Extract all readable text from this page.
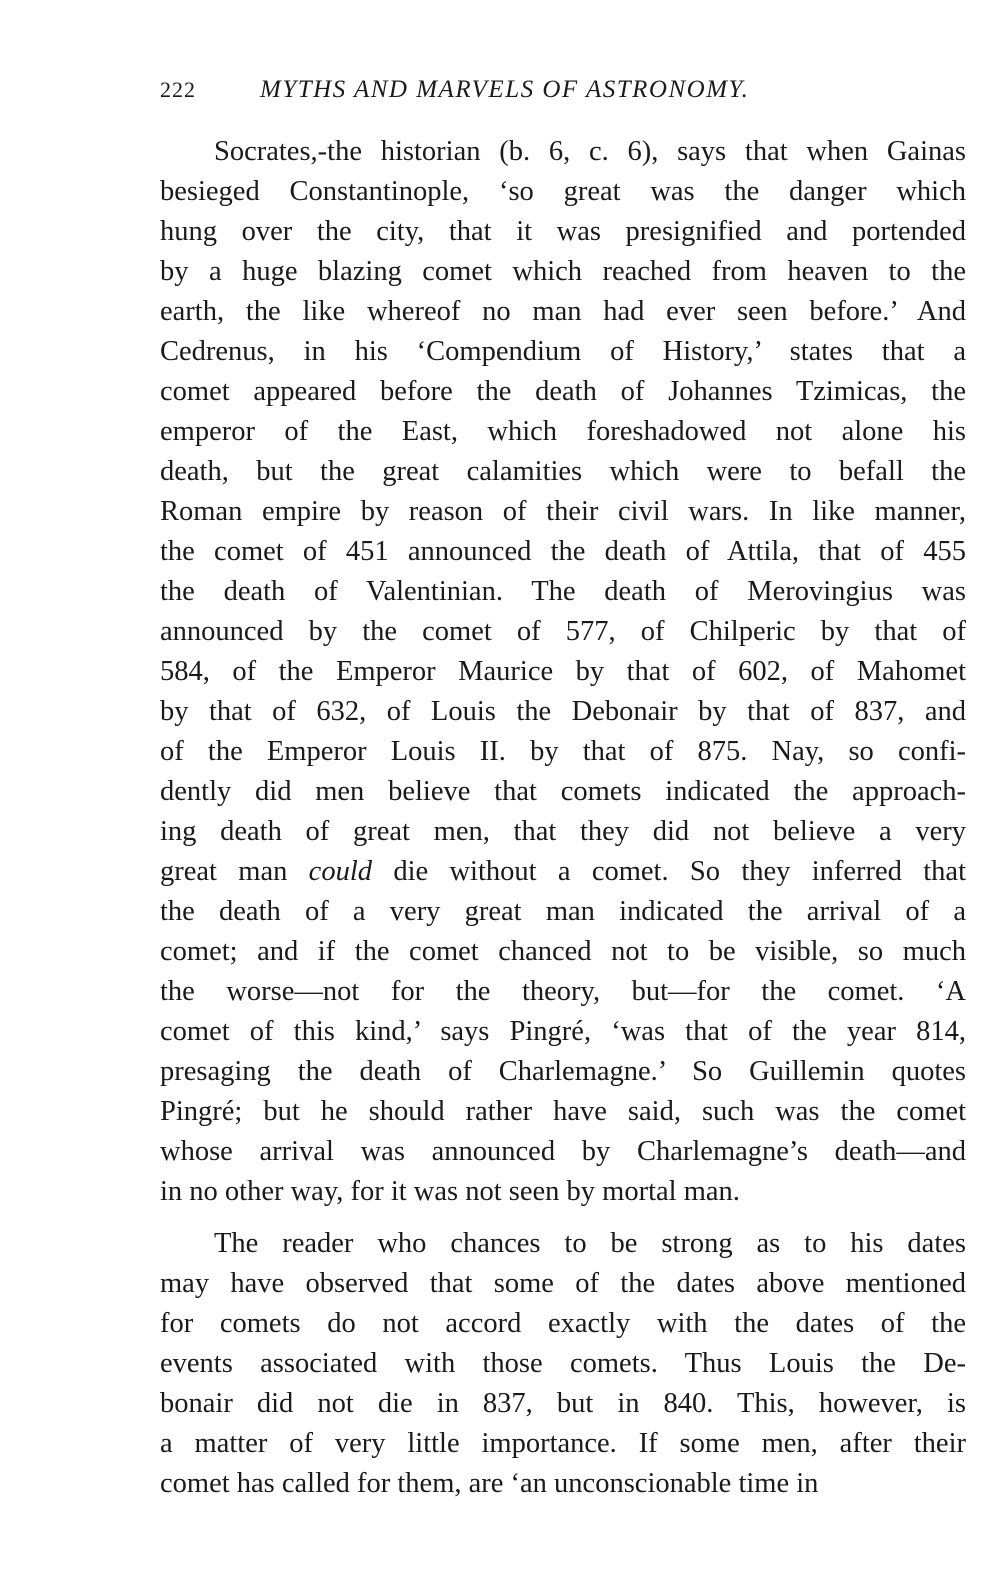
222	MYTHS AND MARVELS OF ASTRONOMY.
Socrates,-the historian (b. 6, c. 6), says that when Gainas
besieged Constantinople, ‘so great was the danger which
hung over the city, that it was presignified and portended
by a huge blazing comet which reached from heaven to the
earth, the like whereof no man had ever seen before.’ And
Cedrenus, in his ‘Compendium of History,’ states that a
comet appeared before the death of Johannes Tzimicas, the
emperor of the East, which foreshadowed not alone his
death, but the great calamities which were to befall the
Roman empire by reason of their civil wars. In like manner,
the comet of 451 announced the death of Attila, that of 455
the death of Valentinian. The death of Merovingius was
announced by the comet of 577, of Chilperic by that of
584, of the Emperor Maurice by that of 602, of Mahomet
by that of 632, of Louis the Debonair by that of 837, and
of the Emperor Louis II. by that of 875. Nay, so confi-
dently did men believe that comets indicated the approach-
ing death of great men, that they did not believe a very
great man could die without a comet. So they inferred that
the death of a very great man indicated the arrival of a
comet; and if the comet chanced not to be visible, so much
the worse—not for the theory, but—for the comet. ‘A
comet of this kind,’ says Pingré, ‘was that of the year 814,
presaging the death of Charlemagne.’ So Guillemin quotes
Pingré; but he should rather have said, such was the comet
whose arrival was announced by Charlemagne’s death—and
in no other way, for it was not seen by mortal man.
The reader who chances to be strong as to his dates
may have observed that some of the dates above mentioned
for comets do not accord exactly with the dates of the
events associated with those comets. Thus Louis the De-
bonair did not die in 837, but in 840. This, however, is
a matter of very little importance. If some men, after their
comet has called for them, are ‘an unconscionable time in
